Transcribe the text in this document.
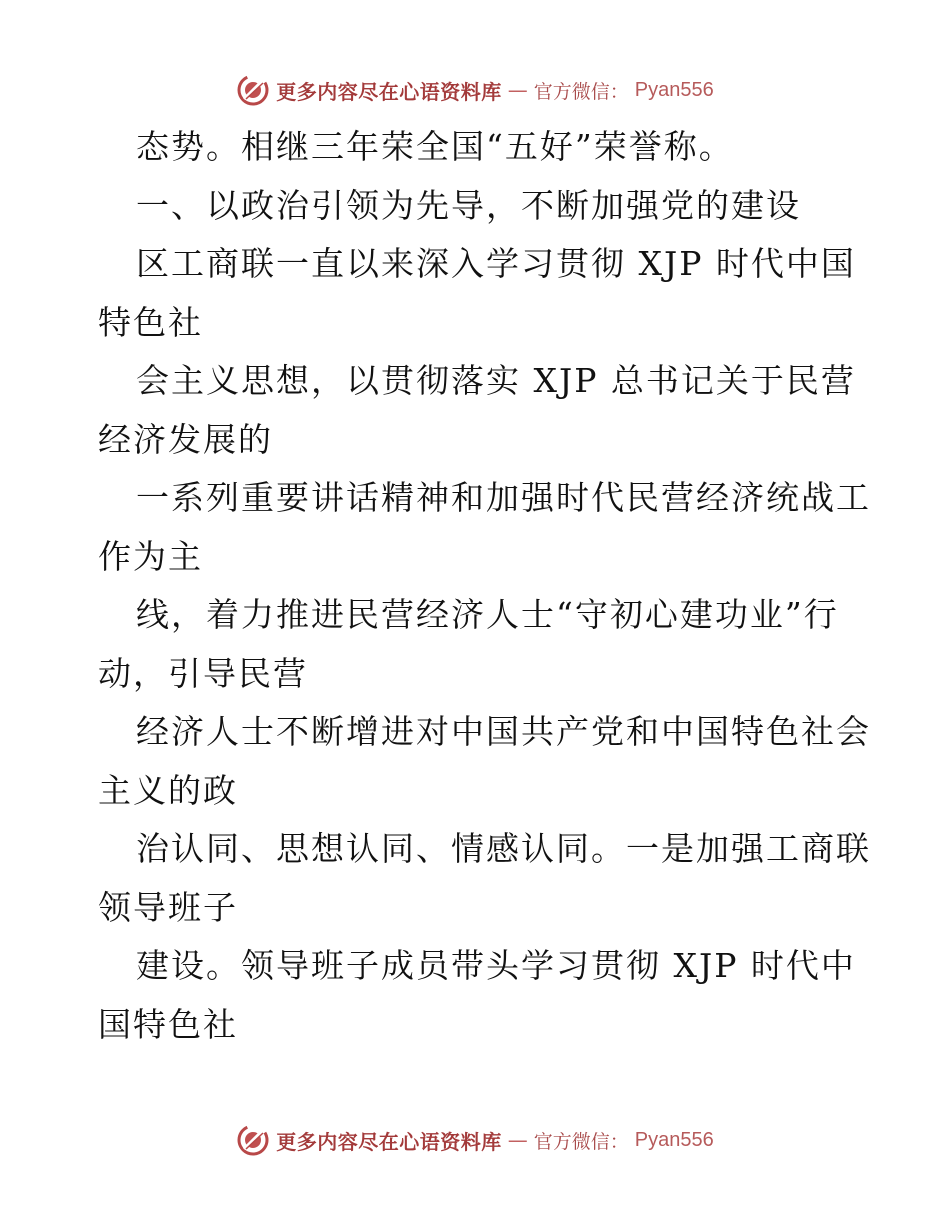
更多内容尽在心语资料库 — 官方微信： Pyan556
态势。相继三年荣全国“五好”荣誉称。
一、以政治引领为先导，不断加强党的建设
区工商联一直以来深入学习贯彻 XJP 时代中国
特色社
会主义思想，以贯彻落实 XJP 总书记关于民营
经济发展的
一系列重要讲话精神和加强时代民营经济统战工
作为主
线，着力推进民营经济人士“守初心建功业”行
动，引导民营
经济人士不断增进对中国共产党和中国特色社会
主义的政
治认同、思想认同、情感认同。一是加强工商联
领导班子
建设。领导班子成员带头学习贯彻 XJP 时代中
国特色社
更多内容尽在心语资料库 — 官方微信： Pyan556
